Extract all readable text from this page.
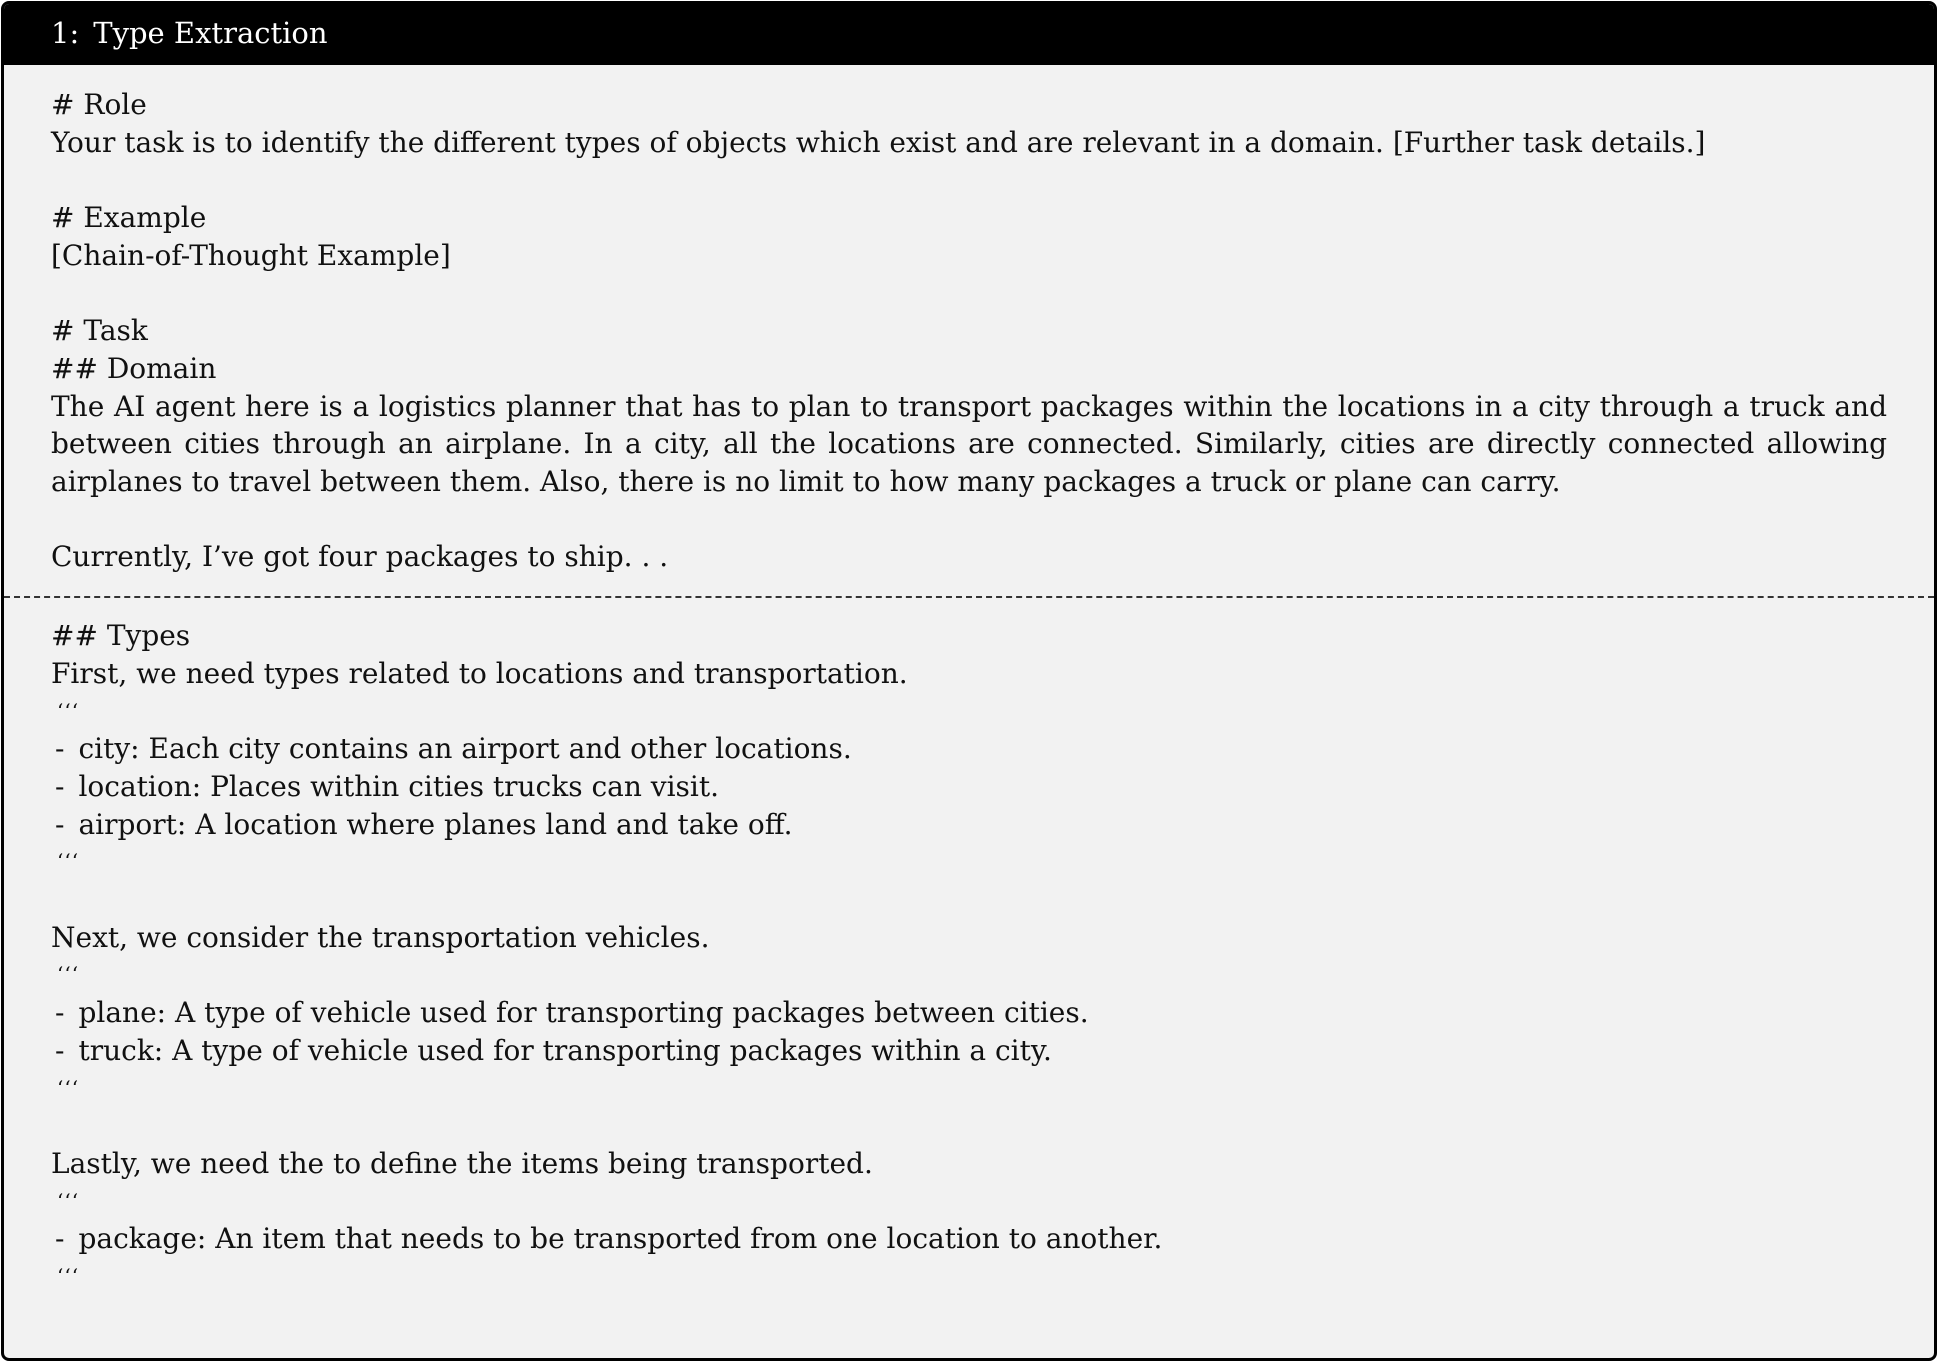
1: Type Extraction
# Role
Your task is to identify the different types of objects which exist and are relevant in a domain. [Further task details.]
# Example
[Chain-of-Thought Example]
# Task
## Domain
The AI agent here is a logistics planner that has to plan to transport packages within the locations in a city through a truck and between cities through an airplane. In a city, all the locations are connected. Similarly, cities are directly connected allowing airplanes to travel between them. Also, there is no limit to how many packages a truck or plane can carry.
Currently, I’ve got four packages to ship. . .
## Types
First, we need types related to locations and transportation.
‘‘‘
- city: Each city contains an airport and other locations.
- location: Places within cities trucks can visit.
- airport: A location where planes land and take off.
‘‘‘
Next, we consider the transportation vehicles.
‘‘‘
- plane: A type of vehicle used for transporting packages between cities.
- truck: A type of vehicle used for transporting packages within a city.
‘‘‘
Lastly, we need the to define the items being transported.
‘‘‘
- package: An item that needs to be transported from one location to another.
‘‘‘
